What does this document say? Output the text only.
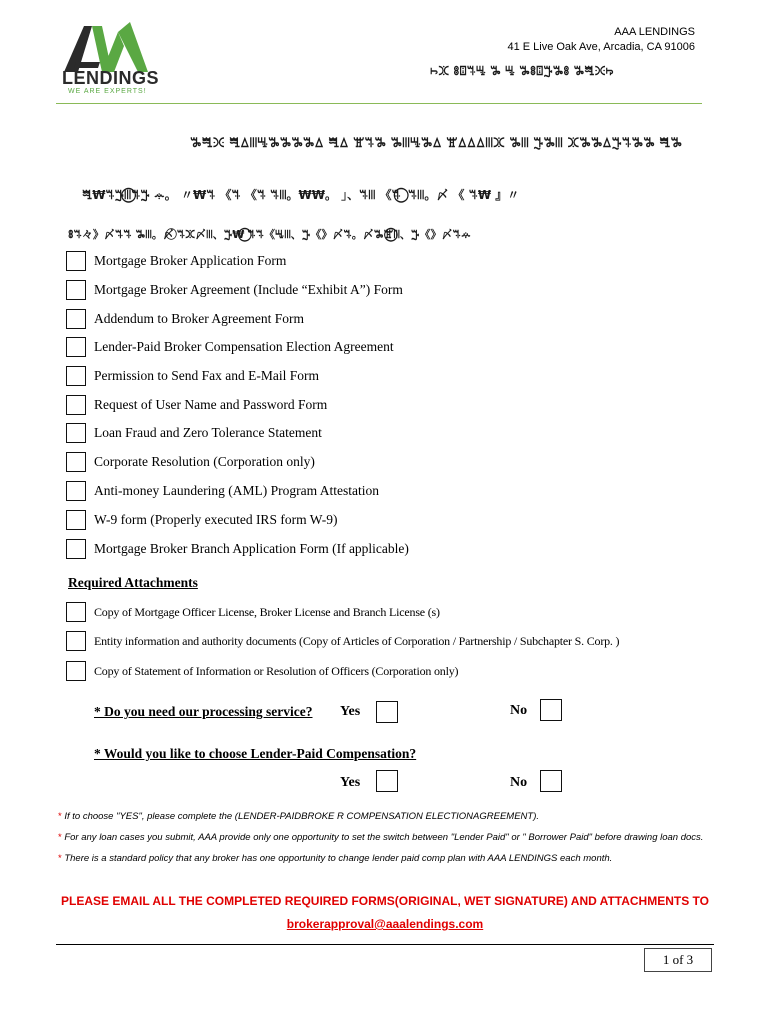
LENDINGS
WE ARE EXPERTS!
AAA LENDINGS
41 E Live Oak Ave, Arcadia, CA 91006
ꖨꖼ ꗚꘖꕐꖈ ꖆ ꖈ ꖆꗚꘖꔓꖆꗚ ꖆꖽꖻꖫ
ꖆꖽꖻ ꖽꕔꔖꖈꖆꖆꖆꖆꕔ ꖽꕔ ꖂꕐꖆ ꖆꔖꖈꖆꕔ ꖂꕔꕔꕔꔖꖼ ꖆꔖ ꔓꖆꔖ ꖼꖆꖆꕔꔓꕐꖆꖆ ꖽꖆ
ꖽ₩ꕐꔓꔖ⃝ꕐꔓ ꕂ。 〃₩ꕐ 《ꕐ 《ꕐ ꕐꔖ。₩₩。 」、ꕐꔖ 《ꕐ ⃝ ꕐꔖ。〆 《 ꕐ₩ 』〃
ꗚꕐ々》〆ꕐꕐ ꖆꔖ。〆 ⃝ꕐꖼ〆ꔖ、ꔓ₩ ⃝ꕐꕐ《ꖈꔖ、ꔓ《》〆ꕐ。〆ꖆꖂ⃝ꔖ、ꔓ《》〆ꕐꕂ
Mortgage Broker Application Form
Mortgage Broker Agreement (Include “Exhibit A”) Form
Addendum to Broker Agreement Form
Lender-Paid Broker Compensation Election Agreement
Permission to Send Fax and E-Mail Form
Request of User Name and Password Form
Loan Fraud and Zero Tolerance Statement
Corporate Resolution (Corporation only)
Anti-money Laundering (AML) Program Attestation
W-9 form (Properly executed IRS form W-9)
Mortgage Broker Branch Application Form (If applicable)
Required Attachments
Copy of Mortgage Officer License, Broker License and Branch License (s)
Entity information and authority documents (Copy of Articles of Corporation / Partnership / Subchapter S. Corp. )
Copy of Statement of Information or Resolution of Officers (Corporation only)
* Do you need our processing service? Yes	No
* Would you like to choose Lender-Paid Compensation?
Yes	No
* If to choose "YES", please complete the (LENDER-PAIDBROKE R COMPENSATION ELECTIONAGREEMENT).
* For any loan cases you submit, AAA provide only one opportunity to set the switch between "Lender Paid" or " Borrower Paid" before drawing loan docs.
* There is a standard policy that any broker has one opportunity to change lender paid comp plan with AAA LENDINGS each month.
PLEASE EMAIL ALL THE COMPLETED REQUIRED FORMS(ORIGINAL, WET SIGNATURE) AND ATTACHMENTS TO
brokerapproval@aaalendings.com
1 of 3
